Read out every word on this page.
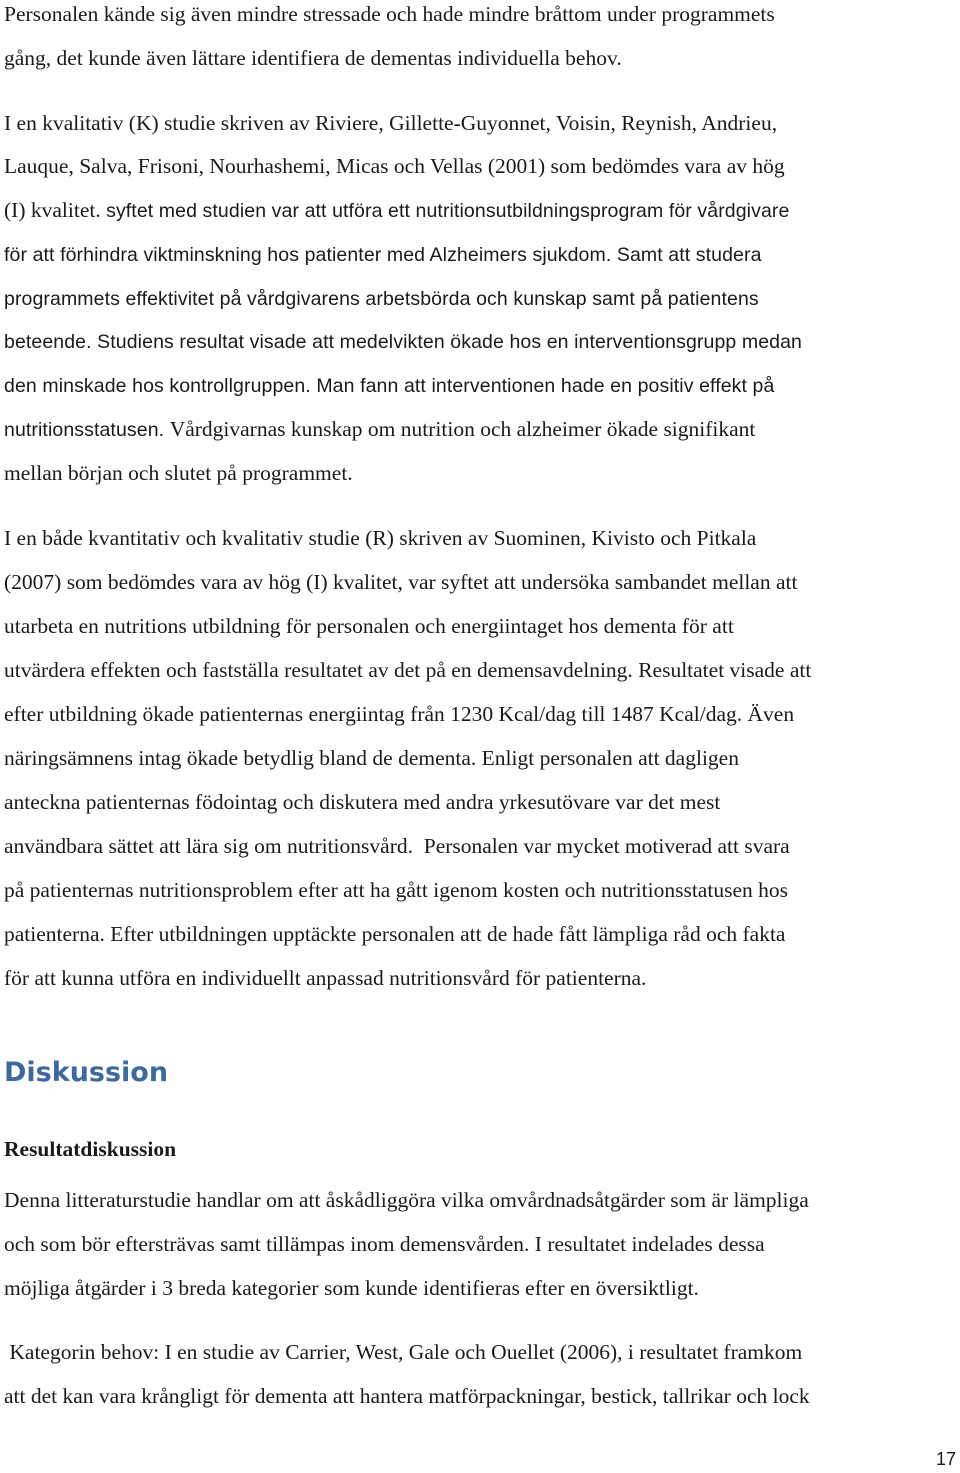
Personalen kände sig även mindre stressade och hade mindre bråttom under programmets
gång, det kunde även lättare identifiera de dementas individuella behov.
I en kvalitativ (K) studie skriven av Riviere, Gillette-Guyonnet, Voisin, Reynish, Andrieu,
Lauque, Salva, Frisoni, Nourhashemi, Micas och Vellas (2001) som bedömdes vara av hög
(I) kvalitet. syftet med studien var att utföra ett nutritionsutbildningsprogram för vårdgivare
för att förhindra viktminskning hos patienter med Alzheimers sjukdom. Samt att studera
programmets effektivitet på vårdgivarens arbetsbörda och kunskap samt på patientens
beteende. Studiens resultat visade att medelvikten ökade hos en interventionsgrupp medan
den minskade hos kontrollgruppen. Man fann att interventionen hade en positiv effekt på
nutritionsstatusen. Vårdgivarnas kunskap om nutrition och alzheimer ökade signifikant
mellan början och slutet på programmet.
I en både kvantitativ och kvalitativ studie (R) skriven av Suominen, Kivisto och Pitkala
(2007) som bedömdes vara av hög (I) kvalitet, var syftet att undersöka sambandet mellan att
utarbeta en nutritions utbildning för personalen och energiintaget hos dementa för att
utvärdera effekten och fastställa resultatet av det på en demensavdelning. Resultatet visade att
efter utbildning ökade patienternas energiintag från 1230 Kcal/dag till 1487 Kcal/dag. Även
näringsämnens intag ökade betydlig bland de dementa. Enligt personalen att dagligen
anteckna patienternas födointag och diskutera med andra yrkesutövare var det mest
användbara sättet att lära sig om nutritionsvård.  Personalen var mycket motiverad att svara
på patienternas nutritionsproblem efter att ha gått igenom kosten och nutritionsstatusen hos
patienterna. Efter utbildningen upptäckte personalen att de hade fått lämpliga råd och fakta
för att kunna utföra en individuellt anpassad nutritionsvård för patienterna.
Diskussion
Resultatdiskussion
Denna litteraturstudie handlar om att åskådliggöra vilka omvårdnadsåtgärder som är lämpliga
och som bör eftersträvas samt tillämpas inom demensvården. I resultatet indelades dessa
möjliga åtgärder i 3 breda kategorier som kunde identifieras efter en översiktligt.
Kategorin behov: I en studie av Carrier, West, Gale och Ouellet (2006), i resultatet framkom
att det kan vara krångligt för dementa att hantera matförpackningar, bestick, tallrikar och lock
17
